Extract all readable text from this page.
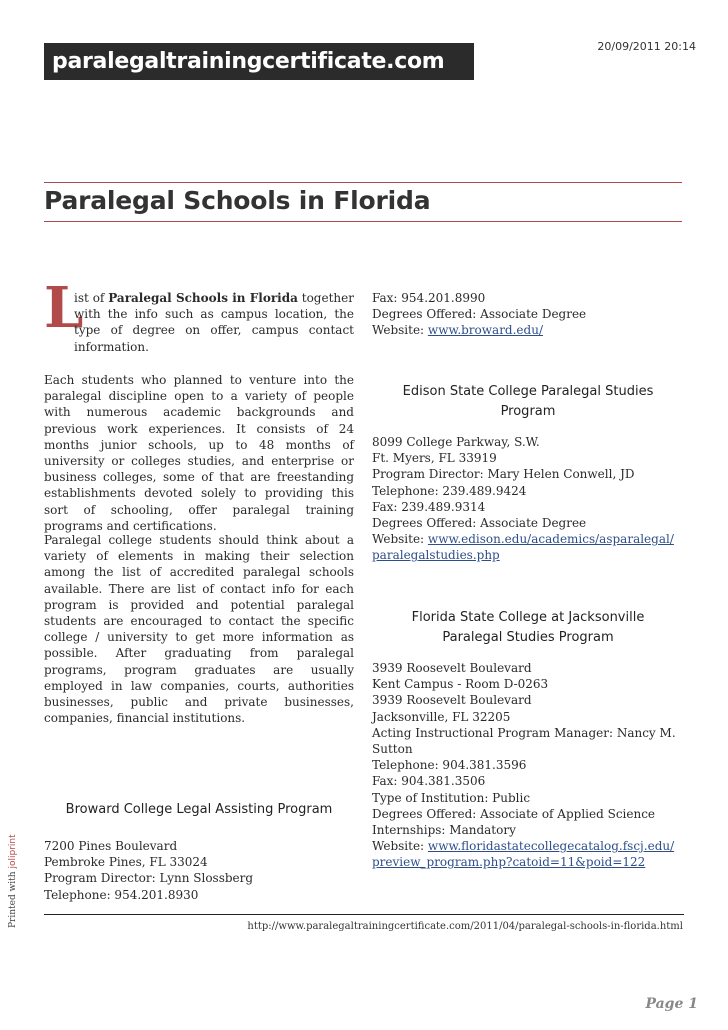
paralegaltrainingcertificate.com
20/09/2011 20:14
Paralegal Schools in Florida
L
ist of Paralegal Schools in Florida together with the info such as campus location, the type of degree on offer, campus contact information.

Each students who planned to venture into the paralegal discipline open to a variety of people with numerous academic backgrounds and previous work experiences. It consists of 24 months junior schools, up to 48 months of university or colleges studies, and enterprise or business colleges, some of that are freestanding establishments devoted solely to providing this sort of schooling, offer paralegal training programs and certifications.

Paralegal college students should think about a variety of elements in making their selection among the list of accredited paralegal schools available. There are list of contact info for each program is provided and potential paralegal students are encouraged to contact the specific college / university to get more information as possible. After graduating from paralegal programs, program graduates are usually employed in law companies, courts, authorities businesses, public and private businesses, companies, financial institutions.

Broward College Legal Assisting Program
7200 Pines Boulevard
Pembroke Pines, FL 33024
Program Director: Lynn Slossberg
Telephone: 954.201.8930
Fax: 954.201.8990
Degrees Offered: Associate Degree
Website: www.broward.edu/
Edison State College Paralegal Studies
Program
8099 College Parkway, S.W.
Ft. Myers, FL 33919
Program Director: Mary Helen Conwell, JD
Telephone: 239.489.9424
Fax: 239.489.9314
Degrees Offered: Associate Degree
Website: www.edison.edu/academics/asparalegal/
paralegalstudies.php
Florida State College at Jacksonville
Paralegal Studies Program
3939 Roosevelt Boulevard
Kent Campus - Room D-0263
3939 Roosevelt Boulevard
Jacksonville, FL 32205
Acting Instructional Program Manager: Nancy M.
Sutton
Telephone: 904.381.3596
Fax: 904.381.3506
Type of Institution: Public
Degrees Offered: Associate of Applied Science
Internships: Mandatory
Website: www.floridastatecollegecatalog.fscj.edu/
preview_program.php?catoid=11&poid=122
Printed with joliprint
http://www.paralegaltrainingcertificate.com/2011/04/paralegal-schools-in-florida.html
Page 1
